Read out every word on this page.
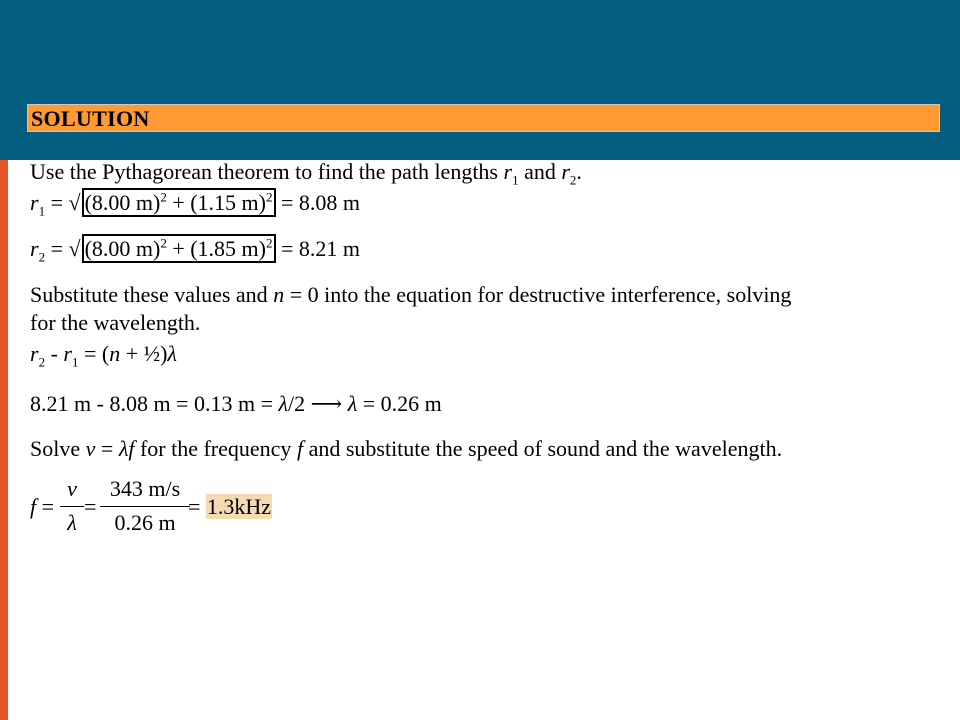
SOLUTION
Use the Pythagorean theorem to find the path lengths $r_1$ and $r_2$.
$r_1$ = √ (8.00 m)$^2$ + (1.15 m)$^2$ = 8.08 m
$r_2$ = √ (8.00 m)$^2$ + (1.85 m)$^2$ = 8.21 m
Substitute these values and n = 0 into the equation for destructive interference, solving
for the wavelength.
$r_2 - r_1 = (n$ + ½)λ
8.21 m - 8.08 m = 0.13 m = λ/2 ⟶ λ = 0.26 m
Solve v = λf for the frequency f and substitute the speed of sound and the wavelength.
f =
v
λ
=
343 m/s
0.26 m
= 1.3kHz
